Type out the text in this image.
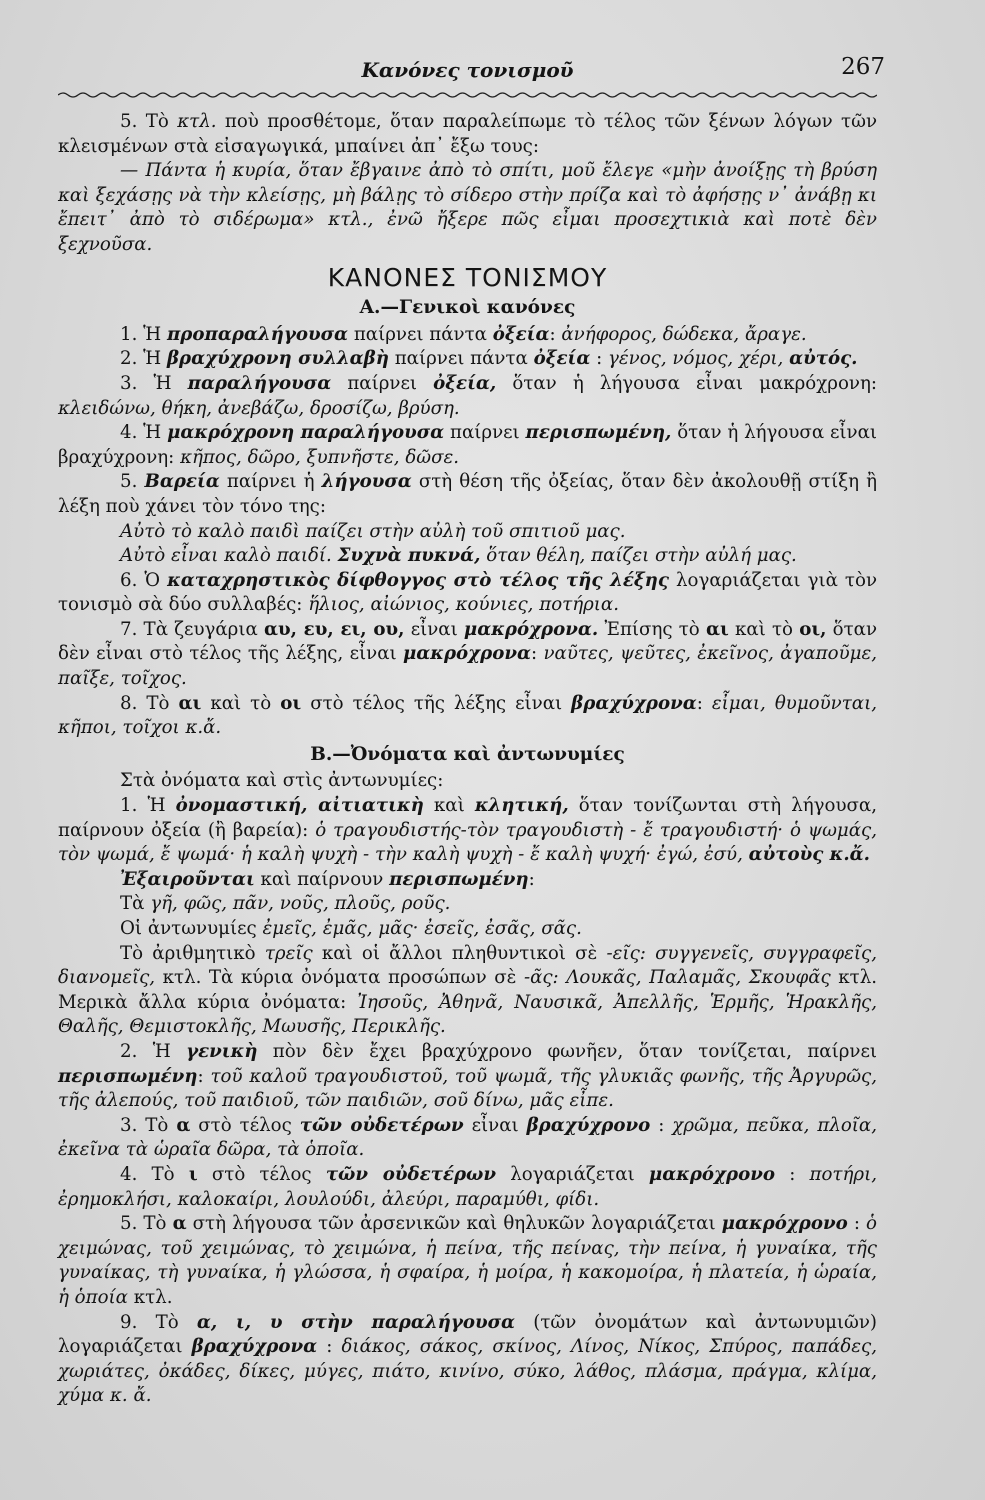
Κανόνες τονισμοῦ	267

5. Τὸ κτλ. ποὺ προσθέτομε, ὅταν παραλείπωμε τὸ τέλος τῶν ξένων λόγων τῶν κλεισμένων στὰ εἰσαγωγικά, μπαίνει ἀπ᾽ ἔξω τους:

— Πάντα ἡ κυρία, ὅταν ἔβγαινε ἀπὸ τὸ σπίτι, μοῦ ἔλεγε «μὴν ἀνοίξῃς τὴ βρύση καὶ ξεχάσῃς νὰ τὴν κλείσῃς, μὴ βάλῃς τὸ σίδερο στὴν πρίζα καὶ τὸ ἀφήσῃς ν᾽ ἀνάβῃ κι ἔπειτ᾽ ἀπὸ τὸ σιδέρωμα» κτλ., ἐνῶ ἤξερε πῶς εἶμαι προσεχτικιὰ καὶ ποτὲ δὲν ξεχνοῦσα.

ΚΑΝΟΝΕΣ ΤΟΝΙΣΜΟΥ
Α.—Γενικοὶ κανόνες

1. Ἡ προπαραλήγουσα παίρνει πάντα ὀξεία: ἀνήφορος, δώδεκα, ἄραγε.

2. Ἡ βραχύχρονη συλλαβὴ παίρνει πάντα ὀξεία : γένος, νόμος, χέρι, αὐτός.

3. Ἡ παραλήγουσα παίρνει ὀξεία, ὅταν ἡ λήγουσα εἶναι μακρόχρονη: κλειδώνω, θήκη, ἀνεβάζω, δροσίζω, βρύση.

4. Ἡ μακρόχρονη παραλήγουσα παίρνει περισπωμένη, ὅταν ἡ λήγουσα εἶναι βραχύχρονη: κῆπος, δῶρο, ξυπνῆστε, δῶσε.

5. Βαρεία παίρνει ἡ λήγουσα στὴ θέση τῆς ὀξείας, ὅταν δὲν ἀκολουθῇ στίξη ἢ λέξη ποὺ χάνει τὸν τόνο της:

Αὐτὸ τὸ καλὸ παιδὶ παίζει στὴν αὐλὴ τοῦ σπιτιοῦ μας.

Αὐτὸ εἶναι καλὸ παιδί. Συχνὰ πυκνά, ὅταν θέλη, παίζει στὴν αὐλή μας.

6. Ὁ καταχρηστικὸς δίφθογγος στὸ τέλος τῆς λέξης λογαριάζεται γιὰ τὸν τονισμὸ σὰ δύο συλλαβές: ἥλιος, αἰώνιος, κούνιες, ποτήρια.

7. Τὰ ζευγάρια αυ, ευ, ει, ου, εἶναι μακρόχρονα. Ἐπίσης τὸ αι καὶ τὸ οι, ὅταν δὲν εἶναι στὸ τέλος τῆς λέξης, εἶναι μακρόχρονα: ναῦτες, ψεῦτες, ἐκεῖνος, ἀγαποῦμε, παῖξε, τοῖχος.

8. Τὸ αι καὶ τὸ οι στὸ τέλος τῆς λέξης εἶναι βραχύχρονα: εἶμαι, θυμοῦνται, κῆποι, τοῖχοι κ.ἄ.

Β.—Ὀνόματα καὶ ἀντωνυμίες

Στὰ ὀνόματα καὶ στὶς ἀντωνυμίες:

1. Ἡ ὀνομαστική, αἰτιατικὴ καὶ κλητική, ὅταν τονίζωνται στὴ λήγουσα, παίρνουν ὀξεία (ἢ βαρεία): ὁ τραγουδιστής-τὸν τραγουδιστὴ - ἔ τραγουδιστή· ὁ ψωμάς, τὸν ψωμά, ἔ ψωμά· ἡ καλὴ ψυχὴ - τὴν καλὴ ψυχὴ - ἔ καλὴ ψυχή· ἐγώ, ἐσύ, αὐτοὺς κ.ἄ.

Ἐξαιροῦνται καὶ παίρνουν περισπωμένη:

Τὰ γῆ, φῶς, πᾶν, νοῦς, πλοῦς, ροῦς.

Οἱ ἀντωνυμίες ἐμεῖς, ἐμᾶς, μᾶς· ἐσεῖς, ἐσᾶς, σᾶς.

Τὸ ἀριθμητικὸ τρεῖς καὶ οἱ ἄλλοι πληθυντικοὶ σὲ -εῖς: συγγενεῖς, συγγραφεῖς, διανομεῖς, κτλ. Τὰ κύρια ὀνόματα προσώπων σὲ -ᾶς: Λουκᾶς, Παλαμᾶς, Σκουφᾶς κτλ. Μερικὰ ἄλλα κύρια ὀνόματα: Ἰησοῦς, Ἀθηνᾶ, Ναυσικᾶ, Ἀπελλῆς, Ἑρμῆς, Ἡρακλῆς, Θαλῆς, Θεμιστοκλῆς, Μωυσῆς, Περικλῆς.

2. Ἡ γενικὴ πὸν δὲν ἔχει βραχύχρονο φωνῆεν, ὅταν τονίζεται, παίρνει περισπωμένη: τοῦ καλοῦ τραγουδιστοῦ, τοῦ ψωμᾶ, τῆς γλυκιᾶς φωνῆς, τῆς Ἀργυρῶς, τῆς ἀλεπούς, τοῦ παιδιοῦ, τῶν παιδιῶν, σοῦ δίνω, μᾶς εἶπε.

3. Τὸ α στὸ τέλος τῶν οὐδετέρων εἶναι βραχύχρονο : χρῶμα, πεῦκα, πλοῖα, ἐκεῖνα τὰ ὡραῖα δῶρα, τὰ ὁποῖα.

4. Τὸ ι στὸ τέλος τῶν οὐδετέρων λογαριάζεται μακρόχρονο : ποτήρι, ἐρημοκλήσι, καλοκαίρι, λουλούδι, ἀλεύρι, παραμύθι, φίδι.

5. Τὸ α στὴ λήγουσα τῶν ἀρσενικῶν καὶ θηλυκῶν λογαριάζεται μακρόχρονο : ὁ χειμώνας, τοῦ χειμώνας, τὸ χειμώνα, ἡ πείνα, τῆς πείνας, τὴν πείνα, ἡ γυναίκα, τῆς γυναίκας, τὴ γυναίκα, ἡ γλώσσα, ἡ σφαίρα, ἡ μοίρα, ἡ κακομοίρα, ἡ πλατεία, ἡ ὡραία, ἡ ὁποία κτλ.

9. Τὸ α, ι, υ στὴν παραλήγουσα (τῶν ὀνομάτων καὶ ἀντωνυμιῶν) λογαριάζεται βραχύχρονα : διάκος, σάκος, σκίνος, Λίνος, Νίκος, Σπύρος, παπάδες, χωριάτες, ὀκάδες, δίκες, μύγες, πιάτο, κινίνο, σύκο, λάθος, πλάσμα, πράγμα, κλίμα, χύμα κ. ἄ.
